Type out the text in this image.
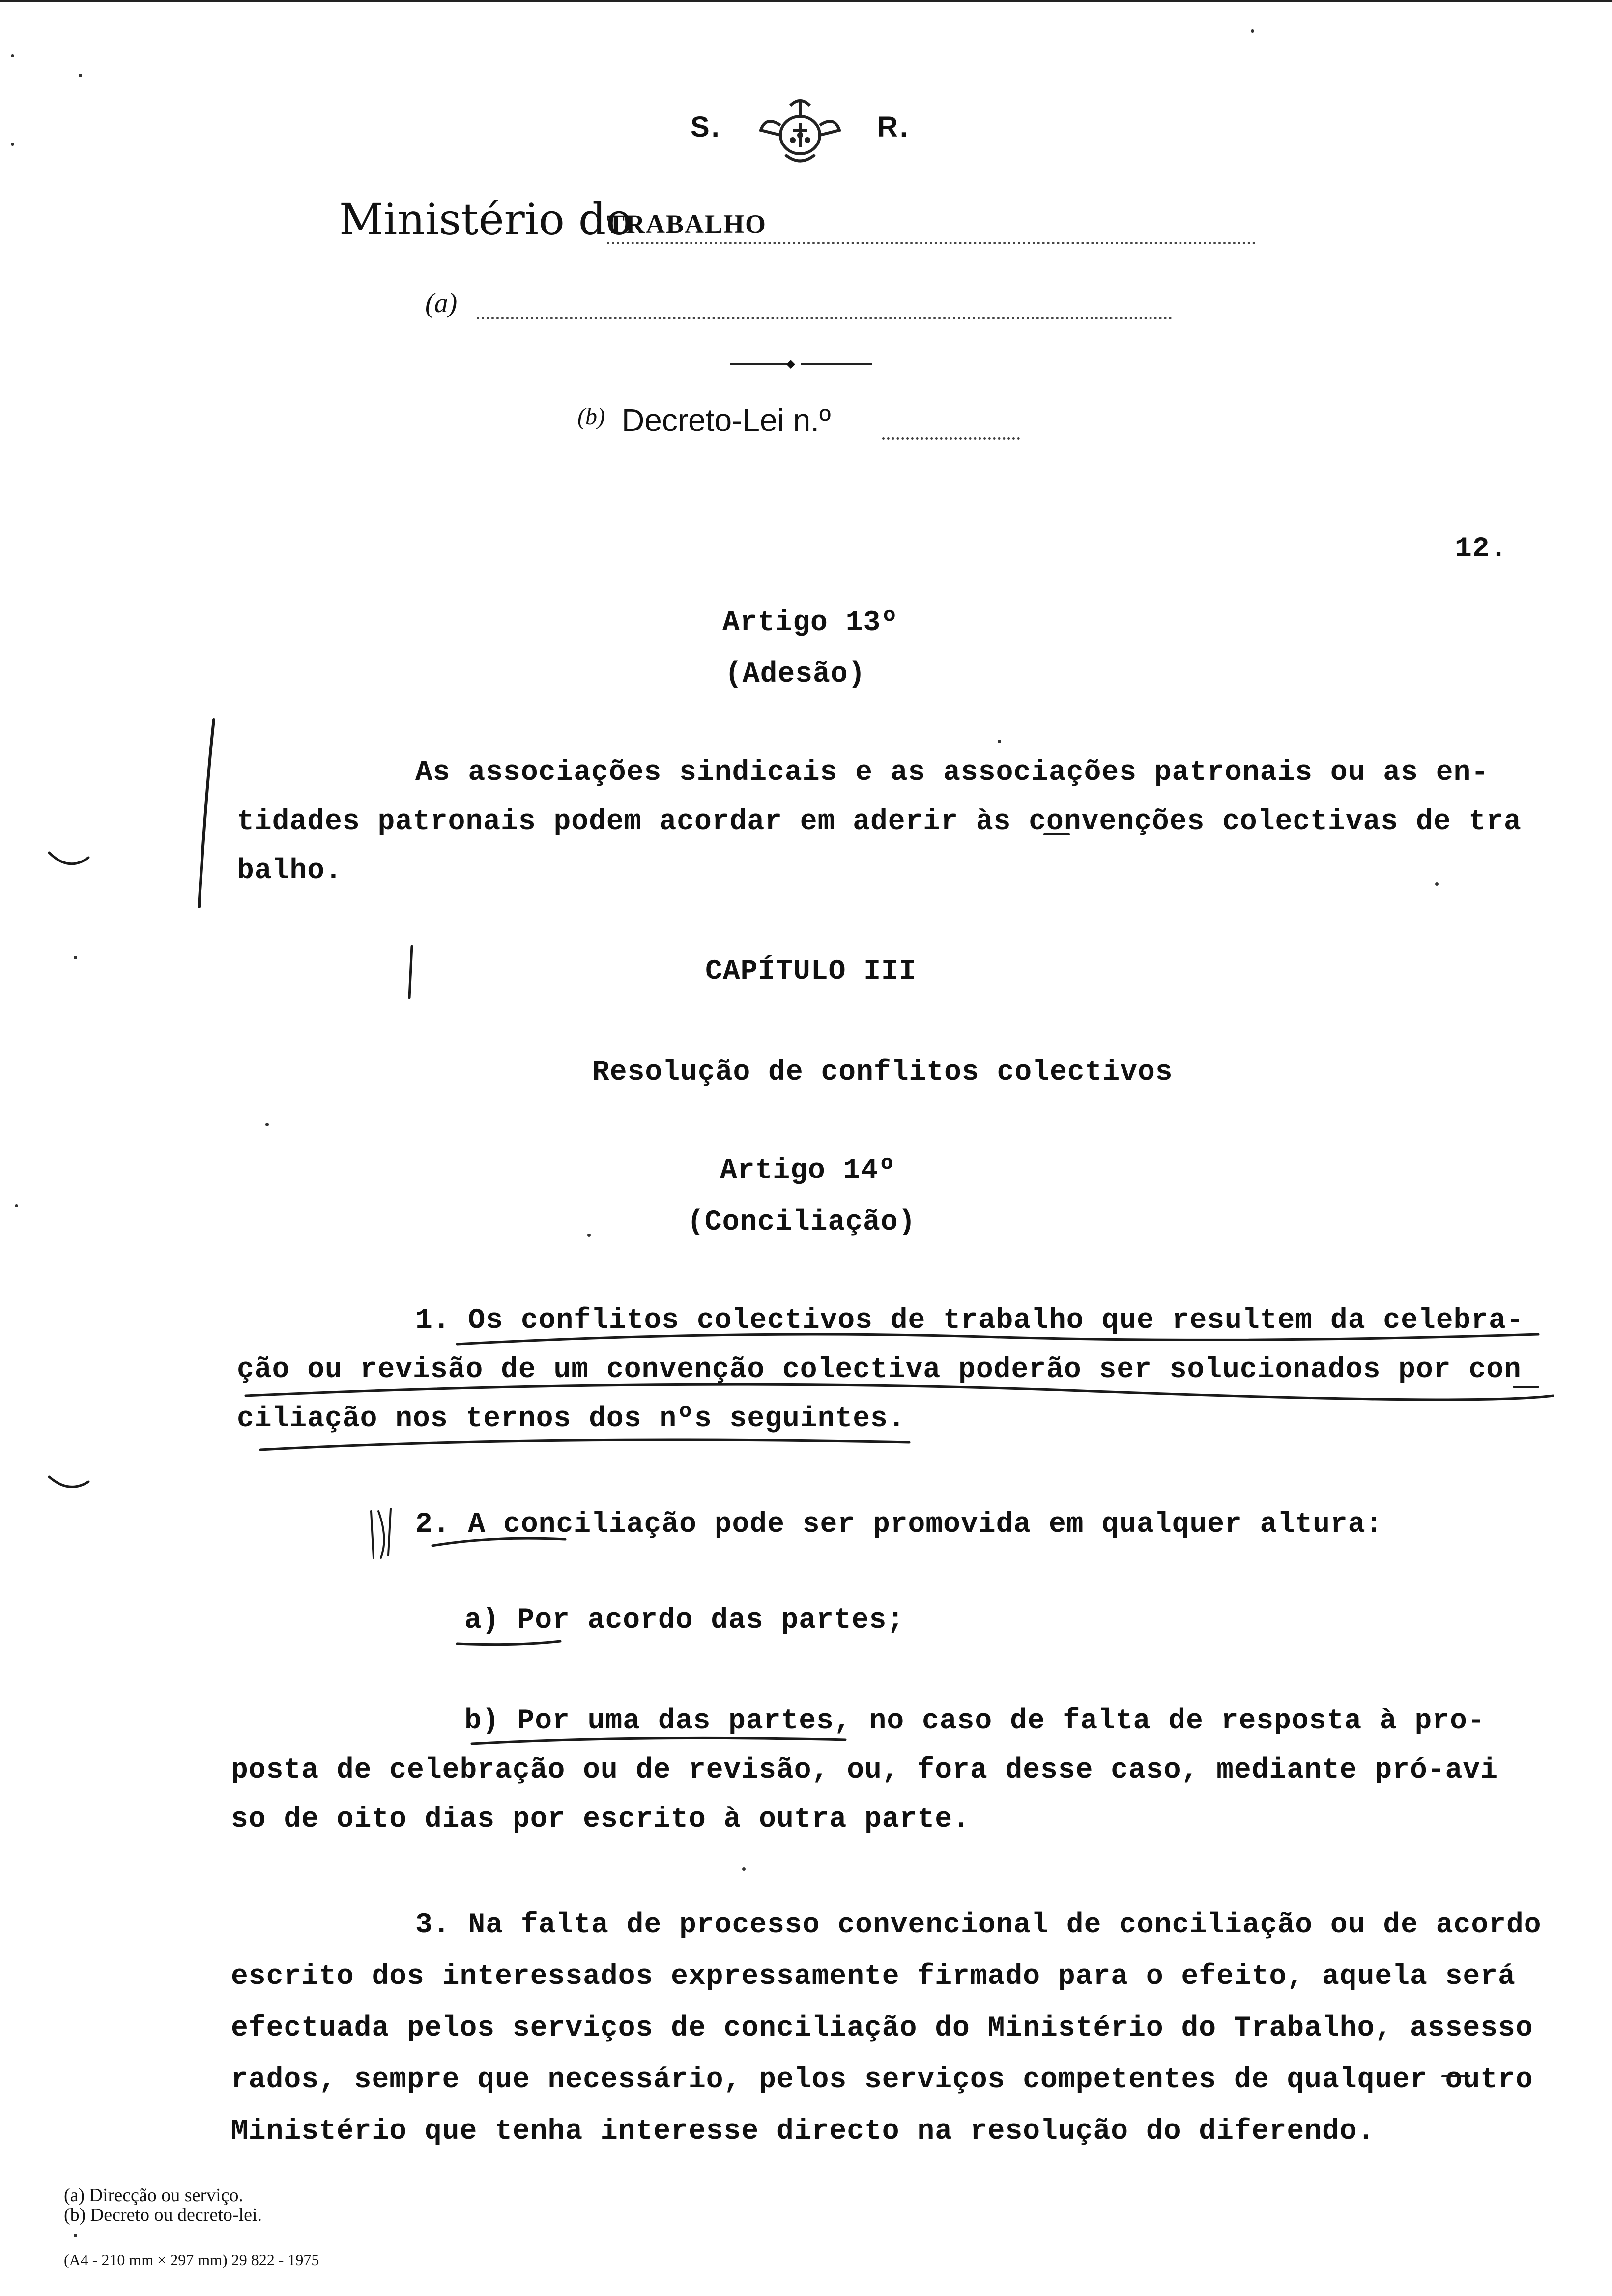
S.	R.
Ministério do
TRABALHO
(a)
◆
(b) Decreto-Lei n.º
12.
Artigo 13º
(Adesão)
As associações sindicais e as associações patronais ou as en-
tidades patronais podem acordar em aderir às convenções colectivas de tra
balho.
CAPÍTULO III
Resolução de conflitos colectivos
Artigo 14º
(Conciliação)
1. Os conflitos colectivos de trabalho que resultem da celebra-
ção ou revisão de um convenção colectiva poderão ser solucionados por con
ciliação nos ternos dos nºs seguintes.
2. A conciliação pode ser promovida em qualquer altura:
a) Por acordo das partes;
b) Por uma das partes, no caso de falta de resposta à pro-
posta de celebração ou de revisão, ou, fora desse caso, mediante pró-avi
so de oito dias por escrito à outra parte.
3. Na falta de processo convencional de conciliação ou de acordo
escrito dos interessados expressamente firmado para o efeito, aquela será
efectuada pelos serviços de conciliação do Ministério do Trabalho, assesso
rados, sempre que necessário, pelos serviços competentes de qualquer outro
Ministério que tenha interesse directo na resolução do diferendo.
(a) Direcção ou serviço.
(b) Decreto ou decreto-lei.
(A4 - 210 mm × 297 mm) 29 822 - 1975
